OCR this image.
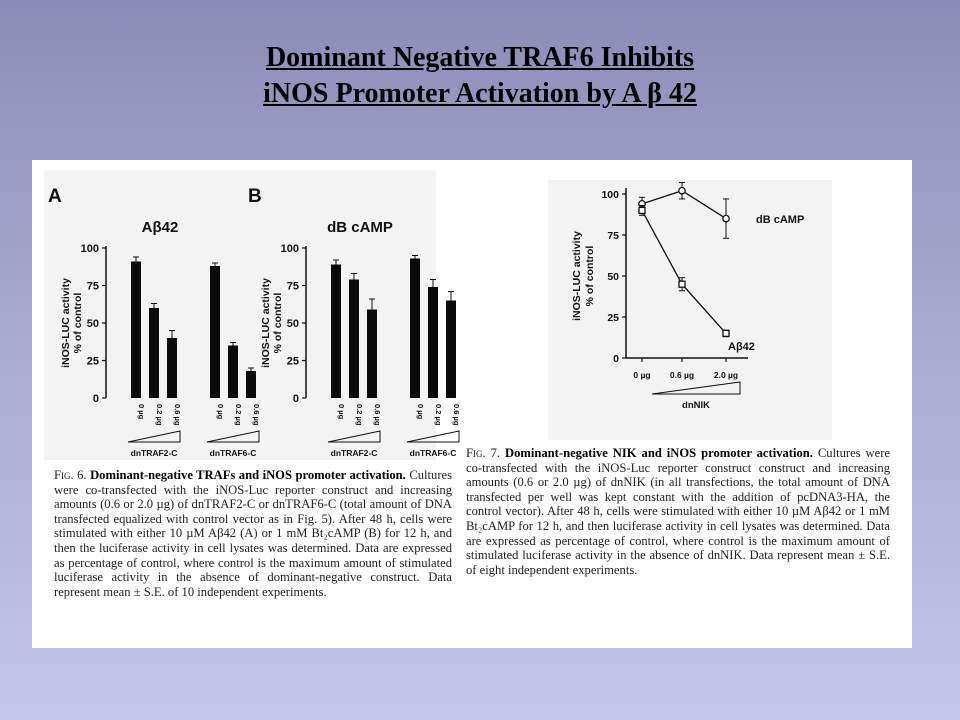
Dominant Negative TRAF6 Inhibits
iNOS Promoter Activation by A β 42
A
Aβ42
iNOS-LUC activity% of control
0
25
50
75
100
0 µg 0.2 µg 0.6 µg
dnTRAF2-C
0 µg 0.2 µg 0.6 µg
dnTRAF6-C
B
dB cAMP
iNOS-LUC activity% of control
0
25
50
75
100
0 µg 0.2 µg 0.6 µg
dnTRAF2-C
0 µg 0.2 µg 0.6 µg
dnTRAF6-C
iNOS-LUC activity% of control
0
25
50
75
100
0 µg 0.6 µg 2.0 µg
dnNIK
dB cAMP
Aβ42
Fig. 6. Dominant-negative TRAFs and iNOS promoter activation. Cultures were co-transfected with the iNOS-Luc reporter construct and increasing amounts (0.6 or 2.0 µg) of dnTRAF2-C or dnTRAF6-C (total amount of DNA transfected equalized with control vector as in Fig. 5). After 48 h, cells were stimulated with either 10 µM Aβ42 (A) or 1 mM Bt₂cAMP (B) for 12 h, and then the luciferase activity in cell lysates was determined. Data are expressed as percentage of control, where control is the maximum amount of stimulated luciferase activity in the absence of dominant-negative construct. Data represent mean ± S.E. of 10 independent experiments.
Fig. 7. Dominant-negative NIK and iNOS promoter activation. Cultures were co-transfected with the iNOS-Luc reporter construct construct and increasing amounts (0.6 or 2.0 µg) of dnNIK (in all transfections, the total amount of DNA transfected per well was kept constant with the addition of pcDNA3-HA, the control vector). After 48 h, cells were stimulated with either 10 µM Aβ42 or 1 mM Bt₂cAMP for 12 h, and then luciferase activity in cell lysates was determined. Data are expressed as percentage of control, where control is the maximum amount of stimulated luciferase activity in the absence of dnNIK. Data represent mean ± S.E. of eight independent experiments.
